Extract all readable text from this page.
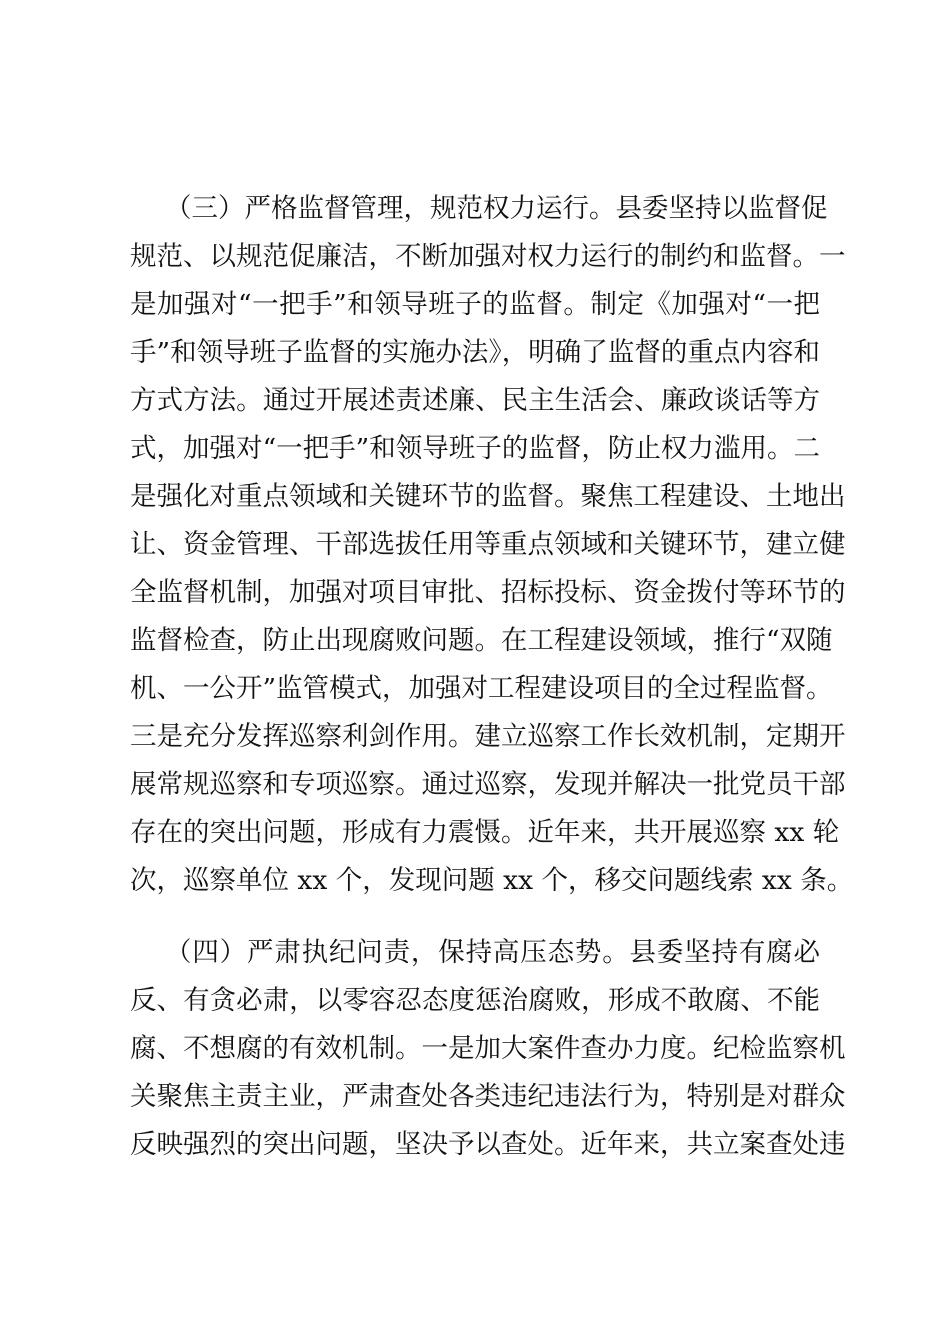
（三）严格监督管理，规范权力运行。县委坚持以监督促
规范、以规范促廉洁，不断加强对权力运行的制约和监督。一
是加强对“一把手”和领导班子的监督。制定《加强对“一把
手”和领导班子监督的实施办法》，明确了监督的重点内容和
方式方法。通过开展述责述廉、民主生活会、廉政谈话等方
式，加强对“一把手”和领导班子的监督，防止权力滥用。二
是强化对重点领域和关键环节的监督。聚焦工程建设、土地出
让、资金管理、干部选拔任用等重点领域和关键环节，建立健
全监督机制，加强对项目审批、招标投标、资金拨付等环节的
监督检查，防止出现腐败问题。在工程建设领域，推行“双随
机、一公开”监管模式，加强对工程建设项目的全过程监督。
三是充分发挥巡察利剑作用。建立巡察工作长效机制，定期开
展常规巡察和专项巡察。通过巡察，发现并解决一批党员干部
存在的突出问题，形成有力震慑。近年来，共开展巡察 xx 轮
次，巡察单位 xx 个，发现问题 xx 个，移交问题线索 xx 条。
（四）严肃执纪问责，保持高压态势。县委坚持有腐必
反、有贪必肃，以零容忍态度惩治腐败，形成不敢腐、不能
腐、不想腐的有效机制。一是加大案件查办力度。纪检监察机
关聚焦主责主业，严肃查处各类违纪违法行为，特别是对群众
反映强烈的突出问题，坚决予以查处。近年来，共立案查处违
